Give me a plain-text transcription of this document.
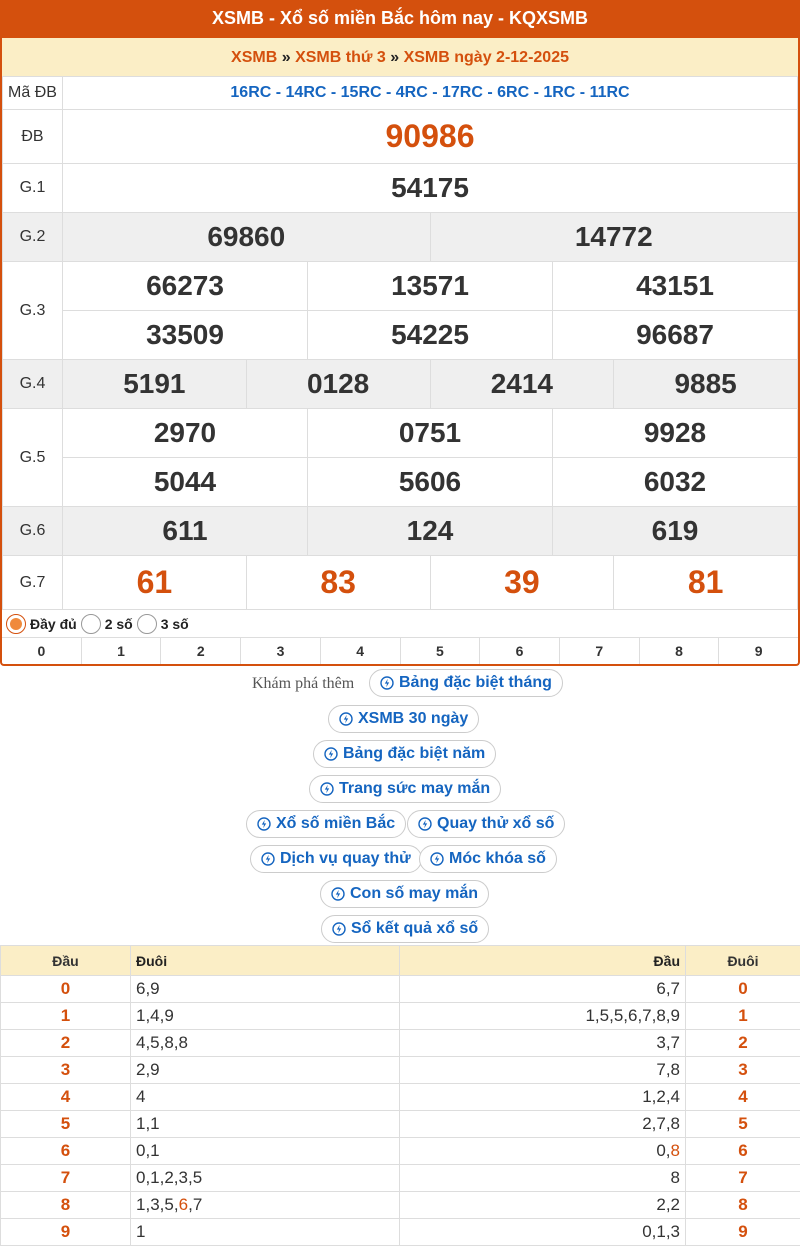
XSMB - Xổ số miền Bắc hôm nay - KQXSMB
XSMB » XSMB thứ 3 » XSMB ngày 2-12-2025
Mã ĐB	16RC - 14RC - 15RC - 4RC - 17RC - 6RC - 1RC - 11RC					
ĐB	90986					
G.1	54175					
G.2	69860			14772		
G.3	66273		13571		43151	
	33509		54225		96687	
G.4	5191	0128		2414		9885
G.5	2970		0751		9928	
	5044		5606		6032	
G.6	611		124		619	
G.7	61	83		39		81
Đầy đủ 2 số 3 số
0	1	2	3	4	5	6	7	8	9
Khám phá thêm	Bảng đặc biệt tháng
XSMB 30 ngày
Bảng đặc biệt năm
Trang sức may mắn
Xổ số miền Bắc	Quay thử xổ số
Dịch vụ quay thử Móc khóa số
Con số may mắn
Sổ kết quả xổ số
Đầu	Đuôi	Đầu	Đuôi
0	6,9	6,7	0
1	1,4,9	1,5,5,6,7,8,9	1
2	4,5,8,8	3,7	2
3	2,9	7,8	3
4	4	1,2,4	4
5	1,1	2,7,8	5
6	0,1	0,8	6
7	0,1,2,3,5	8	7
8	1,3,5,6,7	2,2	8
9	1	0,1,3	9
